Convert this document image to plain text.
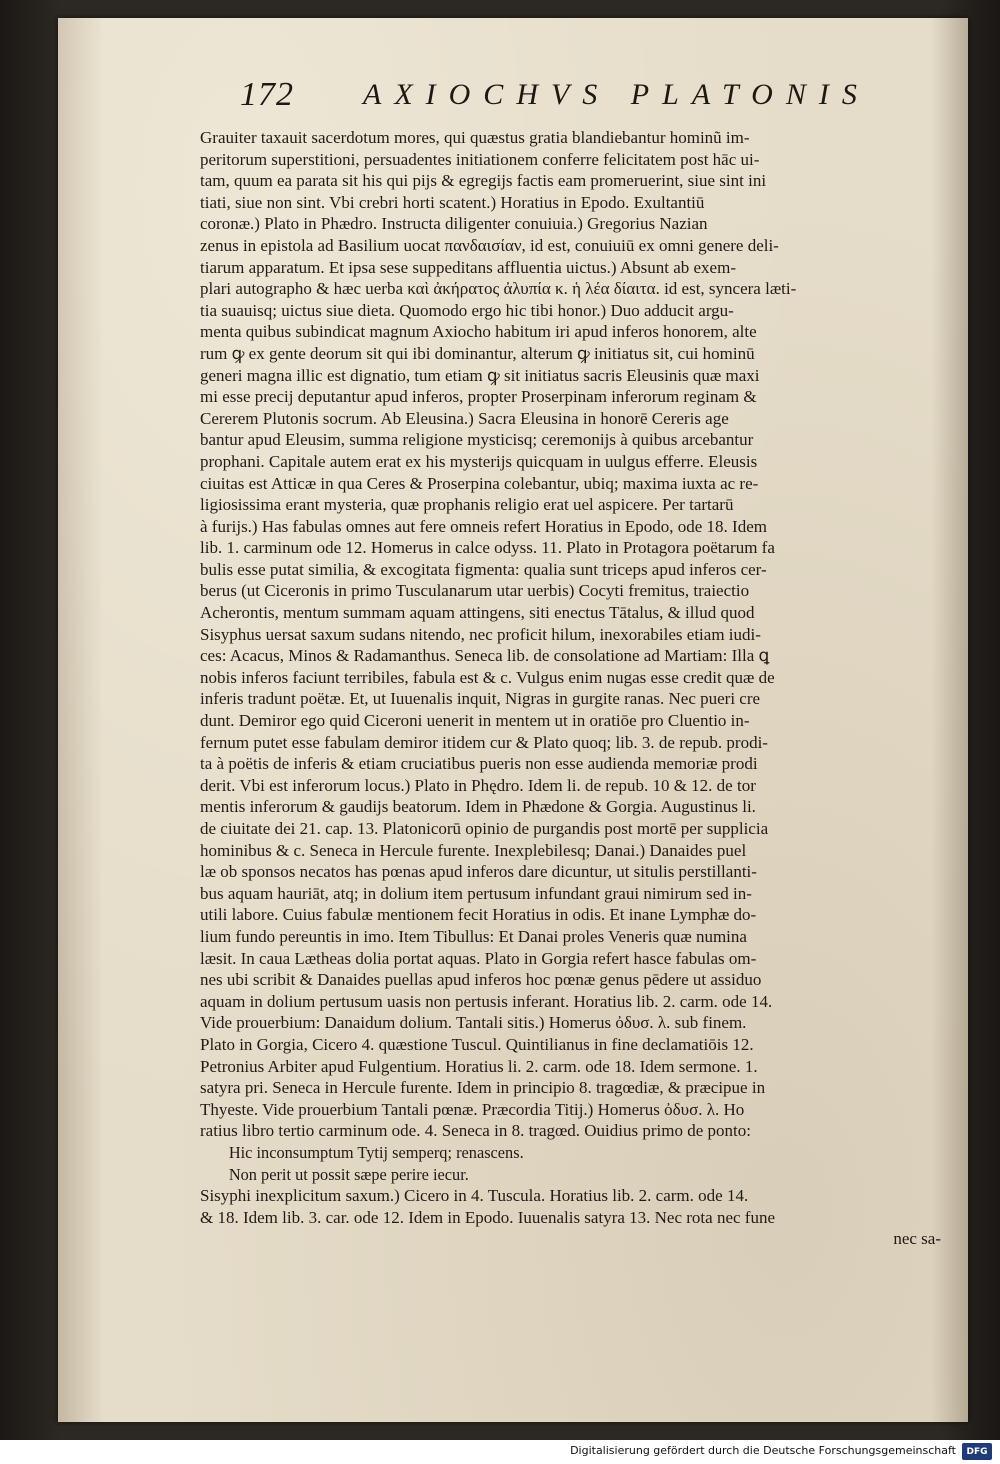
172 AXIOCHVS PLATONIS
Grauiter taxauit sacerdotum mores, qui quæstus gratia blandiebantur hominũ im-
peritorum superstitioni, persuadentes initiationem conferre felicitatem post hāc ui-
tam, quum ea parata sit his qui pijs & egregijs factis eam promeruerint, siue sint ini
tiati, siue non sint. Vbi crebri horti scatent.) Horatius in Epodo. Exultantiū
coronæ.) Plato in Phædro. Instructa diligenter conuiuia.) Gregorius Nazian
zenus in epistola ad Basilium uocat πανδαισίαν, id est, conuiuiū ex omni genere deli-
tiarum apparatum. Et ipsa sese suppeditans affluentia uictus.) Absunt ab exem-
plari autographo & hæc uerba καὶ ἀκήρατος ἀλυπία κ. ἡ λέα δίαιτα. id est, syncera læti-
tia suauisq; uictus siue dieta. Quomodo ergo hic tibi honor.) Duo adducit argu-
menta quibus subindicat magnum Axiocho habitum iri apud inferos honorem, alte
rum ꝙ ex gente deorum sit qui ibi dominantur, alterum ꝙ initiatus sit, cui hominū
generi magna illic est dignatio, tum etiam ꝙ sit initiatus sacris Eleusinis quæ maxi
mi esse precij deputantur apud inferos, propter Proserpinam inferorum reginam &
Cererem Plutonis socrum. Ab Eleusina.) Sacra Eleusina in honorē Cereris age
bantur apud Eleusim, summa religione mysticisq; ceremonijs à quibus arcebantur
prophani. Capitale autem erat ex his mysterijs quicquam in uulgus efferre. Eleusis
ciuitas est Atticæ in qua Ceres & Proserpina colebantur, ubiq; maxima iuxta ac re-
ligiosissima erant mysteria, quæ prophanis religio erat uel aspicere. Per tartarū
à furijs.) Has fabulas omnes aut fere omneis refert Horatius in Epodo, ode 18. Idem
lib. 1. carminum ode 12. Homerus in calce odyss. 11. Plato in Protagora poëtarum fa
bulis esse putat similia, & excogitata figmenta: qualia sunt triceps apud inferos cer-
berus (ut Ciceronis in primo Tusculanarum utar uerbis) Cocyti fremitus, traiectio
Acherontis, mentum summam aquam attingens, siti enectus Tātalus, & illud quod
Sisyphus uersat saxum sudans nitendo, nec proficit hilum, inexorabiles etiam iudi-
ces: Acacus, Minos & Radamanthus. Seneca lib. de consolatione ad Martiam: Illa ꝗ
nobis inferos faciunt terribiles, fabula est & c. Vulgus enim nugas esse credit quæ de
inferis tradunt poëtæ. Et, ut Iuuenalis inquit, Nigras in gurgite ranas. Nec pueri cre
dunt. Demiror ego quid Ciceroni uenerit in mentem ut in oratiōe pro Cluentio in-
fernum putet esse fabulam demiror itidem cur & Plato quoq; lib. 3. de repub. prodi-
ta à poëtis de inferis & etiam cruciatibus pueris non esse audienda memoriæ prodi
derit. Vbi est inferorum locus.) Plato in Phędro. Idem li. de repub. 10 & 12. de tor
mentis inferorum & gaudijs beatorum. Idem in Phædone & Gorgia. Augustinus li.
de ciuitate dei 21. cap. 13. Platonicorū opinio de purgandis post mortē per supplicia
hominibus & c. Seneca in Hercule furente. Inexplebilesq; Danai.) Danaides puel
læ ob sponsos necatos has pœnas apud inferos dare dicuntur, ut situlis perstillanti-
bus aquam hauriāt, atq; in dolium item pertusum infundant graui nimirum sed in-
utili labore. Cuius fabulæ mentionem fecit Horatius in odis. Et inane Lymphæ do-
lium fundo pereuntis in imo. Item Tibullus: Et Danai proles Veneris quæ numina
læsit. In caua Lætheas dolia portat aquas. Plato in Gorgia refert hasce fabulas om-
nes ubi scribit & Danaides puellas apud inferos hoc pœnæ genus pēdere ut assiduo
aquam in dolium pertusum uasis non pertusis inferant. Horatius lib. 2. carm. ode 14.
Vide prouerbium: Danaidum dolium. Tantali sitis.) Homerus ὀδυσ. λ. sub finem.
Plato in Gorgia, Cicero 4. quæstione Tuscul. Quintilianus in fine declamatiōis 12.
Petronius Arbiter apud Fulgentium. Horatius li. 2. carm. ode 18. Idem sermone. 1.
satyra pri. Seneca in Hercule furente. Idem in principio 8. tragœdiæ, & præcipue in
Thyeste. Vide prouerbium Tantali pœnæ. Præcordia Titij.) Homerus ὀδυσ. λ. Ho
ratius libro tertio carminum ode. 4. Seneca in 8. tragœd. Ouidius primo de ponto:
Hic inconsumptum Tytij semperq; renascens.
Non perit ut possit sæpe perire iecur.
Sisyphi inexplicitum saxum.) Cicero in 4. Tuscula. Horatius lib. 2. carm. ode 14.
& 18. Idem lib. 3. car. ode 12. Idem in Epodo. Iuuenalis satyra 13. Nec rota nec fune
nec sa-
Digitalisierung gefördert durch die Deutsche Forschungsgemeinschaft	DFG
